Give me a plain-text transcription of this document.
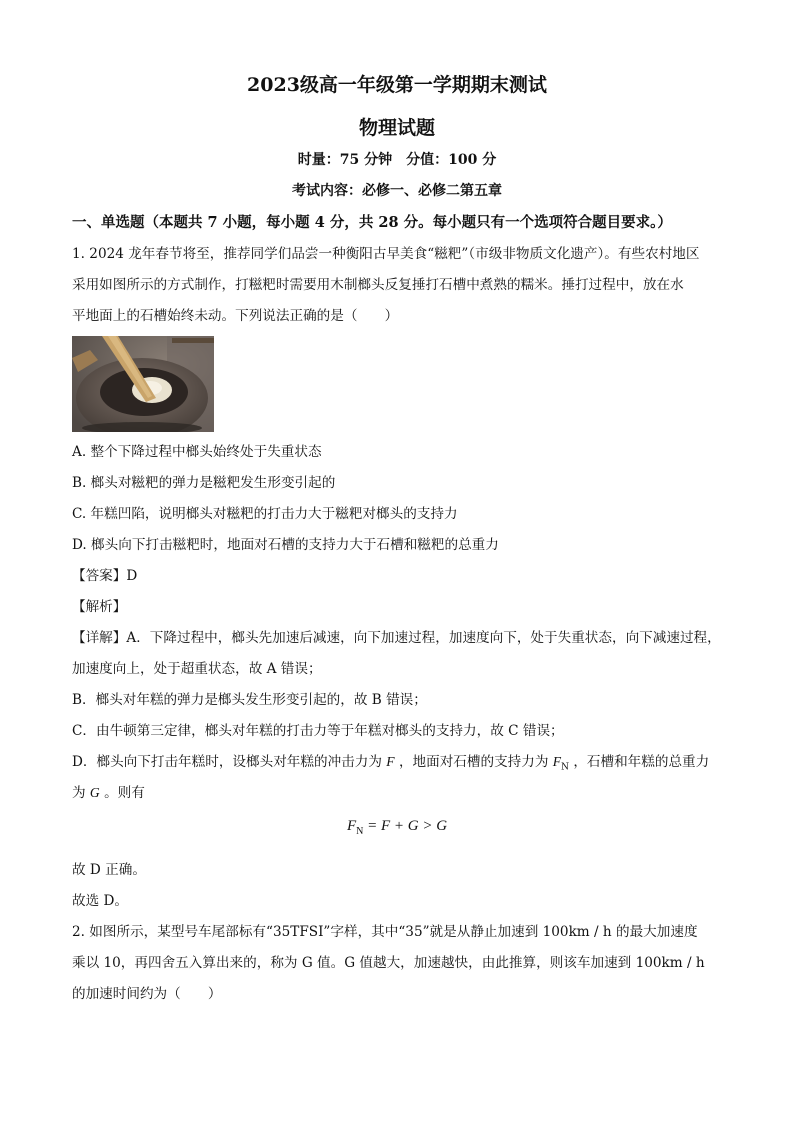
2023级高一年级第一学期期末测试
物理试题
时量：75 分钟　分值：100 分
考试内容：必修一、必修二第五章
一、单选题（本题共 7 小题，每小题 4 分，共 28 分。每小题只有一个选项符合题目要求。）
1. 2024 龙年春节将至，推荐同学们品尝一种衡阳古早美食“糍粑”（市级非物质文化遗产）。有些农村地区
采用如图所示的方式制作，打糍粑时需要用木制榔头反复捶打石槽中煮熟的糯米。捶打过程中，放在水
平地面上的石槽始终未动。下列说法正确的是（　　）
A. 整个下降过程中榔头始终处于失重状态
B. 榔头对糍粑的弹力是糍粑发生形变引起的
C. 年糕凹陷，说明榔头对糍粑的打击力大于糍粑对榔头的支持力
D. 榔头向下打击糍粑时，地面对石槽的支持力大于石槽和糍粑的总重力
【答案】D
【解析】
【详解】A．下降过程中，榔头先加速后减速，向下加速过程，加速度向下，处于失重状态，向下减速过程，
加速度向上，处于超重状态，故 A 错误；
B．榔头对年糕的弹力是榔头发生形变引起的，故 B 错误；
C．由牛顿第三定律，榔头对年糕的打击力等于年糕对榔头的支持力，故 C 错误；
D．榔头向下打击年糕时，设榔头对年糕的冲击力为 F ，地面对石槽的支持力为 $F_N$ ，石槽和年糕的总重力
为 G 。则有
$F_N = F + G > G$
故 D 正确。
故选 D。
2. 如图所示，某型号车尾部标有“35TFSI”字样，其中“35”就是从静止加速到 100km / h 的最大加速度
乘以 10，再四舍五入算出来的，称为 G 值。G 值越大，加速越快，由此推算，则该车加速到 100km / h
的加速时间约为（　　）
